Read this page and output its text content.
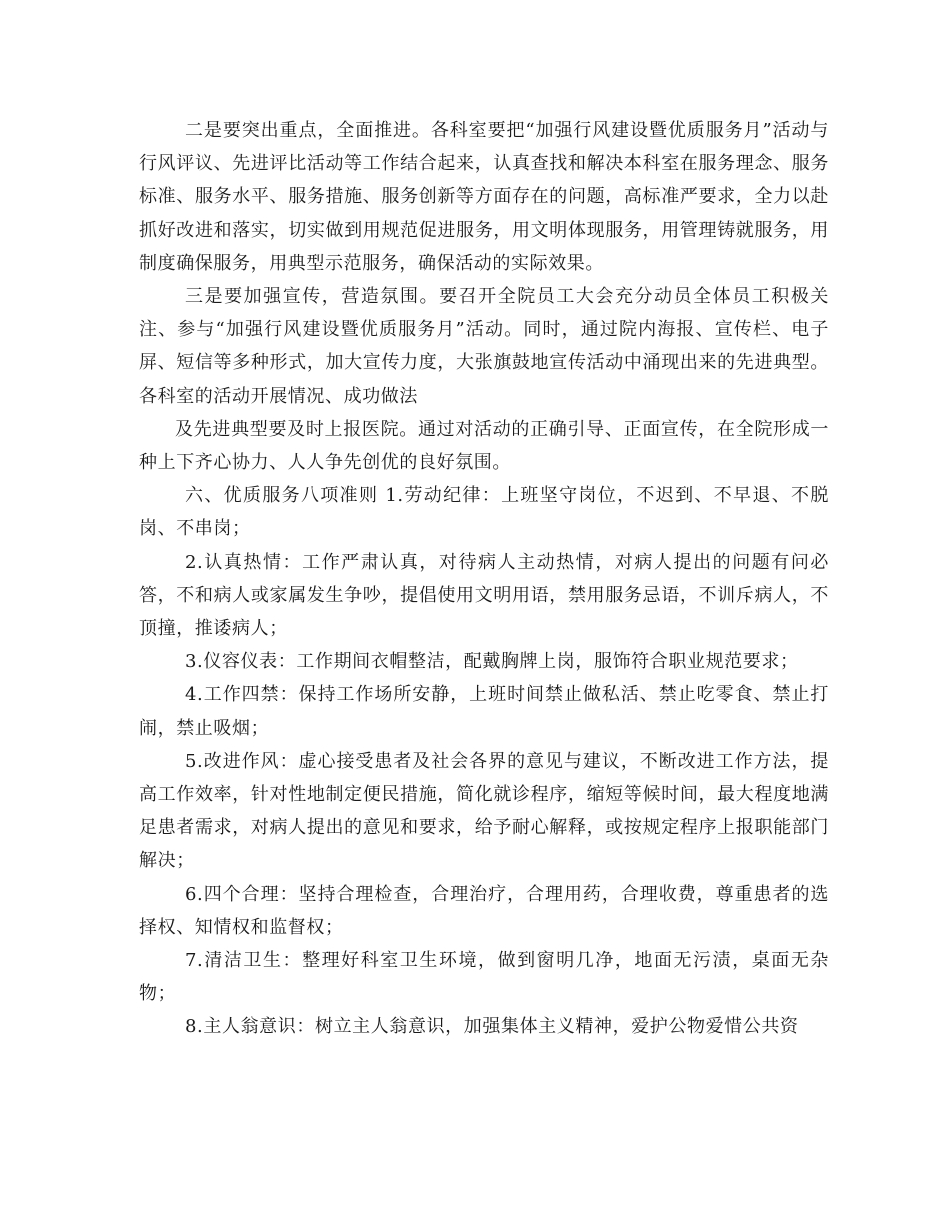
二是要突出重点，全面推进。各科室要把“加强行风建设暨优质服务月”活动与行风评议、先进评比活动等工作结合起来，认真查找和解决本科室在服务理念、服务标准、服务水平、服务措施、服务创新等方面存在的问题，高标准严要求，全力以赴抓好改进和落实，切实做到用规范促进服务，用文明体现服务，用管理铸就服务，用制度确保服务，用典型示范服务，确保活动的实际效果。

三是要加强宣传，营造氛围。要召开全院员工大会充分动员全体员工积极关注、参与“加强行风建设暨优质服务月”活动。同时，通过院内海报、宣传栏、电子屏、短信等多种形式，加大宣传力度，大张旗鼓地宣传活动中涌现出来的先进典型。各科室的活动开展情况、成功做法

及先进典型要及时上报医院。通过对活动的正确引导、正面宣传，在全院形成一种上下齐心协力、人人争先创优的良好氛围。

六、优质服务八项准则 1.劳动纪律：上班坚守岗位，不迟到、不早退、不脱岗、不串岗；

2.认真热情：工作严肃认真，对待病人主动热情，对病人提出的问题有问必答，不和病人或家属发生争吵，提倡使用文明用语，禁用服务忌语，不训斥病人，不顶撞，推诿病人；

3.仪容仪表：工作期间衣帽整洁，配戴胸牌上岗，服饰符合职业规范要求；

4.工作四禁：保持工作场所安静，上班时间禁止做私活、禁止吃零食、禁止打闹，禁止吸烟；

5.改进作风：虚心接受患者及社会各界的意见与建议，不断改进工作方法，提高工作效率，针对性地制定便民措施，简化就诊程序，缩短等候时间，最大程度地满足患者需求，对病人提出的意见和要求，给予耐心解释，或按规定程序上报职能部门解决；

6.四个合理：坚持合理检查，合理治疗，合理用药，合理收费，尊重患者的选择权、知情权和监督权；

7.清洁卫生：整理好科室卫生环境，做到窗明几净，地面无污渍，桌面无杂物；

8.主人翁意识：树立主人翁意识，加强集体主义精神，爱护公物爱惜公共资
